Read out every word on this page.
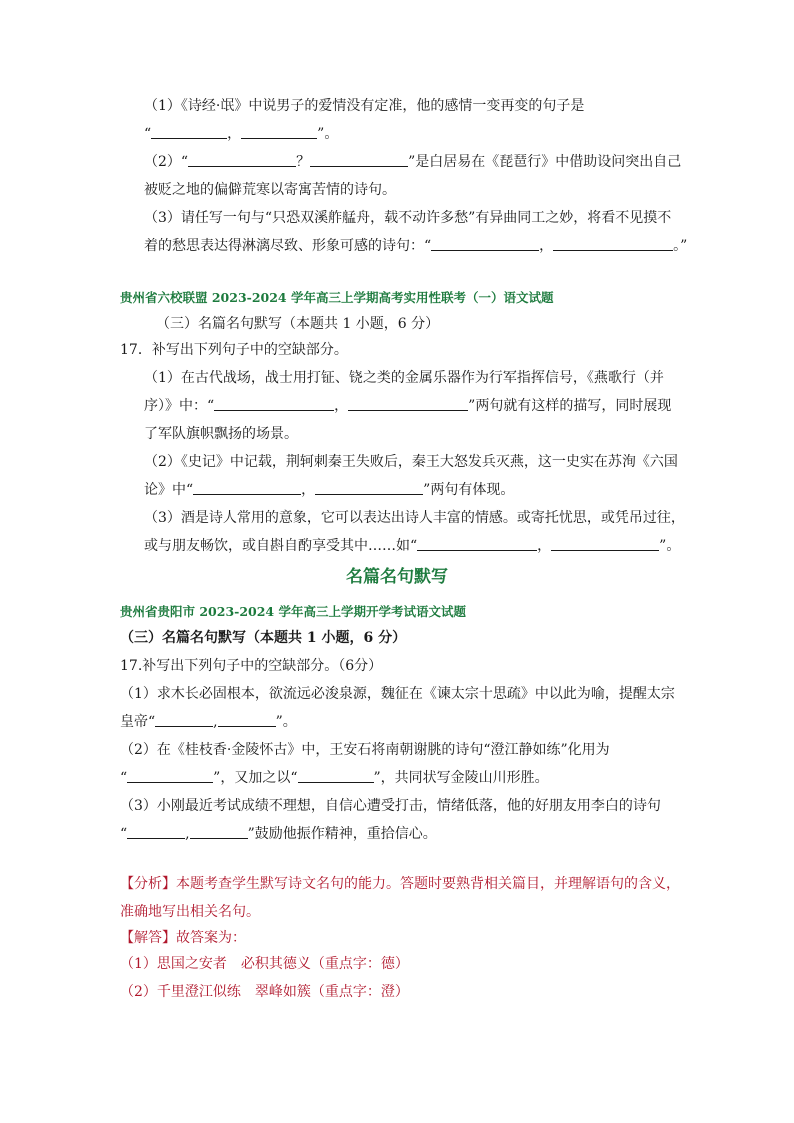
（1）《诗经·氓》中说男子的爱情没有定准，他的感情一变再变的句子是
“	，	”。
（2）“	？	”是白居易在《琵琶行》中借助设问突出自己
被贬之地的偏僻荒寒以寄寓苦情的诗句。
（3）请任写一句与“只恐双溪舴艋舟，载不动许多愁”有异曲同工之妙，将看不见摸不
着的愁思表达得淋漓尽致、形象可感的诗句：“	，	。”
贵州省六校联盟 2023-2024 学年高三上学期高考实用性联考（一）语文试题
（三）名篇名句默写（本题共 1 小题，6 分）
17．补写出下列句子中的空缺部分。
（1）在古代战场，战士用打钲、铙之类的金属乐器作为行军指挥信号，《燕歌行（并
序）》中：“	，	”两句就有这样的描写，同时展现
了军队旗帜飘扬的场景。
（2）《史记》中记载，荆轲刺秦王失败后，秦王大怒发兵灭燕，这一史实在苏洵《六国
论》中“	，	”两句有体现。
（3）酒是诗人常用的意象，它可以表达出诗人丰富的情感。或寄托忧思，或凭吊过往，
或与朋友畅饮，或自斟自酌享受其中……如“	，	”。
名篇名句默写
贵州省贵阳市 2023-2024 学年高三上学期开学考试语文试题
（三）名篇名句默写（本题共 1 小题，6 分）
17.补写出下列句子中的空缺部分。（6分）
（1）求木长必固根本，欲流远必浚泉源，魏征在《谏太宗十思疏》中以此为喻，提醒太宗
皇帝“	,	”。
（2）在《桂枝香·金陵怀古》中，王安石将南朝谢朓的诗句“澄江静如练”化用为
“	”，又加之以“	”，共同状写金陵山川形胜。
（3）小刚最近考试成绩不理想，自信心遭受打击，情绪低落，他的好朋友用李白的诗句
“	,	”鼓励他振作精神，重拾信心。
【分析】本题考查学生默写诗文名句的能力。答题时要熟背相关篇目，并理解语句的含义，
准确地写出相关名句。
【解答】故答案为：
（1）思国之安者　必积其德义（重点字：德）
（2）千里澄江似练　翠峰如簇（重点字：澄）
